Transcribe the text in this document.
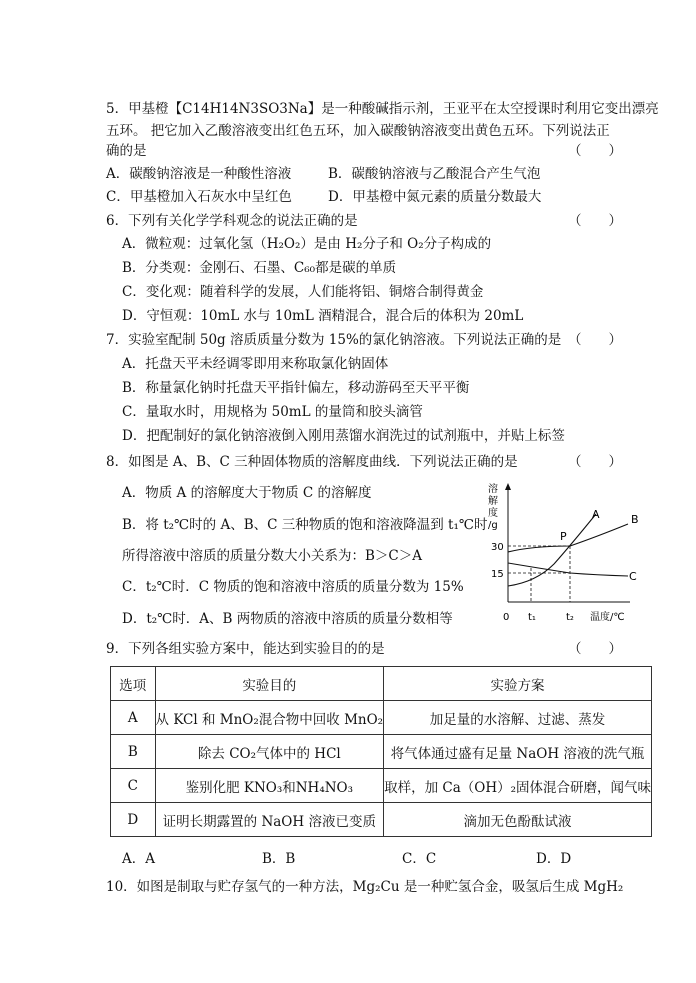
5．甲基橙【C14H14N3SO3Na】是一种酸碱指示剂，王亚平在太空授课时利用它变出漂亮
五环。 把它加入乙酸溶液变出红色五环，加入碳酸钠溶液变出黄色五环。下列说法正
确的是	（　　）
A．碳酸钠溶液是一种酸性溶液	B．碳酸钠溶液与乙酸混合产生气泡
C．甲基橙加入石灰水中呈红色	D．甲基橙中氮元素的质量分数最大
6．下列有关化学学科观念的说法正确的是	（　　）
A．微粒观：过氧化氢（H₂O₂）是由 H₂分子和 O₂分子构成的
B．分类观：金刚石、石墨、C₆₀都是碳的单质
C．变化观：随着科学的发展，人们能将铝、铜熔合制得黄金
D．守恒观：10mL 水与 10mL 酒精混合，混合后的体积为 20mL
7．实验室配制 50g 溶质质量分数为 15%的氯化钠溶液。下列说法正确的是 （　　）
A．托盘天平未经调零即用来称取氯化钠固体
B．称量氯化钠时托盘天平指针偏左，移动游码至天平平衡
C．量取水时，用规格为 50mL 的量筒和胶头滴管
D．把配制好的氯化钠溶液倒入刚用蒸馏水润洗过的试剂瓶中，并贴上标签
8．如图是 A、B、C 三种固体物质的溶解度曲线．下列说法正确的是	（　　）
A．物质 A 的溶解度大于物质 C 的溶解度
B．将 t₂℃时的 A、B、C 三种物质的饱和溶液降温到 t₁℃时
所得溶液中溶质的质量分数大小关系为：B＞C＞A
C．t₂℃时．C 物质的饱和溶液中溶质的质量分数为 15%
D．t₂℃时．A、B 两物质的溶液中溶质的质量分数相等
溶
解
度
/g
30
15
0 t₁	t₂ 温度/℃
A	B
P
C
9．下列各组实验方案中，能达到实验目的的是	（　　）
选项	实验目的	实验方案
A	从 KCl 和 MnO₂混合物中回收 MnO₂	加足量的水溶解、过滤、蒸发
B	除去 CO₂气体中的 HCl	将气体通过盛有足量 NaOH 溶液的洗气瓶
C	鉴别化肥 KNO₃和NH₄NO₃	取样，加 Ca（OH）₂固体混合研磨，闻气味
D	证明长期露置的 NaOH 溶液已变质	滴加无色酚酞试液
A．A	B．B	C．C	D．D
10．如图是制取与贮存氢气的一种方法，Mg₂Cu 是一种贮氢合金，吸氢后生成 MgH₂
